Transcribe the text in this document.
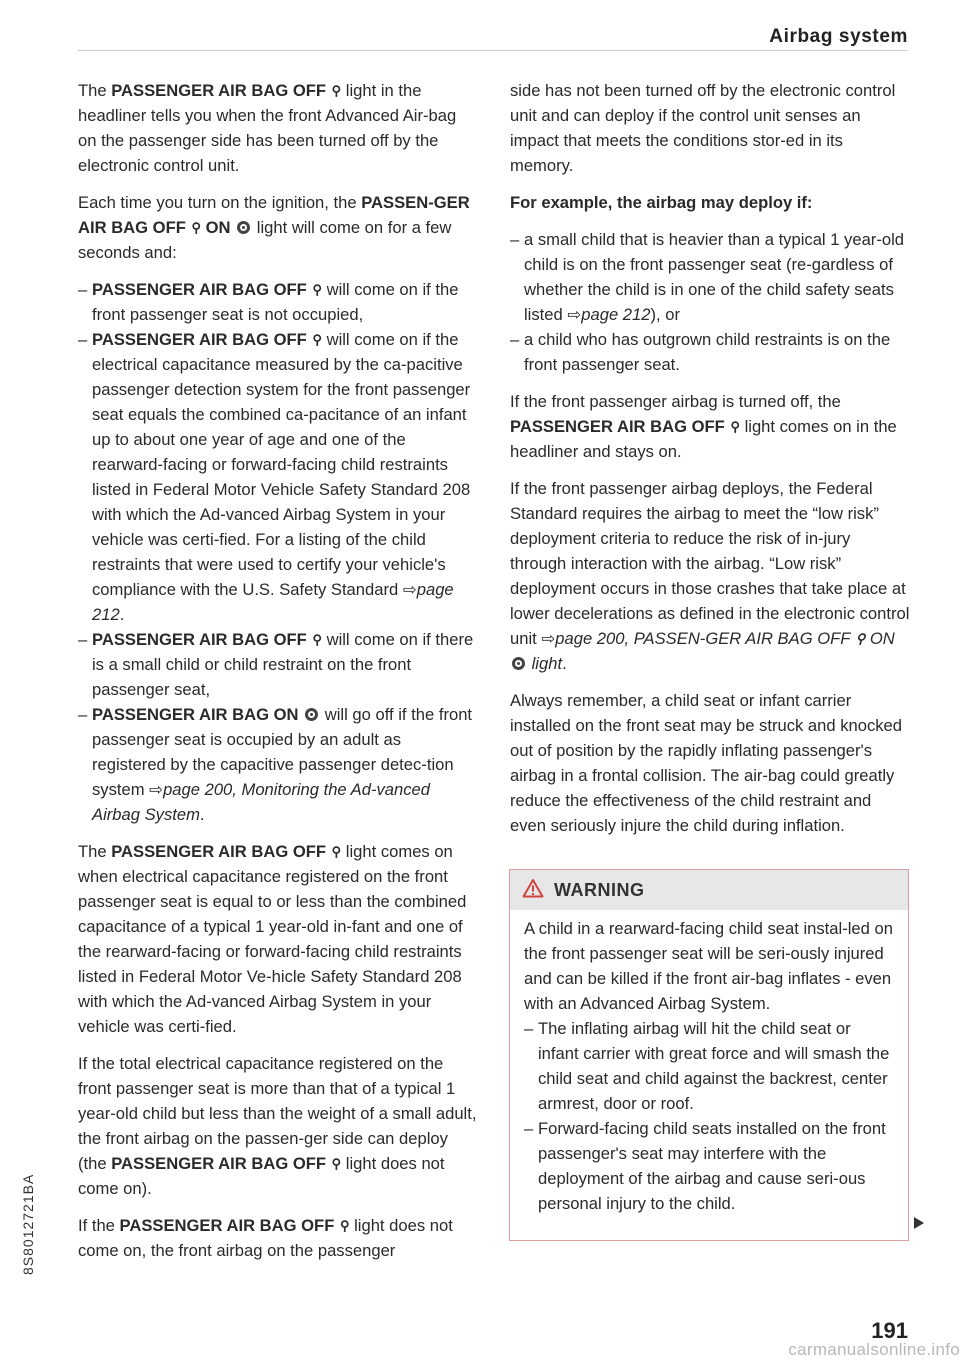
Airbag system

The PASSENGER AIR BAG OFF ⚲ light in the headliner tells you when the front Advanced Air-bag on the passenger side has been turned off by the electronic control unit.

Each time you turn on the ignition, the PASSEN-GER AIR BAG OFF ⚲ ON  light will come on for a few seconds and:

– PASSENGER AIR BAG OFF ⚲ will come on if the front passenger seat is not occupied,
– PASSENGER AIR BAG OFF ⚲ will come on if the electrical capacitance measured by the ca-pacitive passenger detection system for the front passenger seat equals the combined ca-pacitance of an infant up to about one year of age and one of the rearward-facing or forward-facing child restraints listed in Federal Motor Vehicle Safety Standard 208 with which the Ad-vanced Airbag System in your vehicle was certi-fied. For a listing of the child restraints that were used to certify your vehicle's compliance with the U.S. Safety Standard ⇨page 212.
– PASSENGER AIR BAG OFF ⚲ will come on if there is a small child or child restraint on the front passenger seat,
– PASSENGER AIR BAG ON  will go off if the front passenger seat is occupied by an adult as registered by the capacitive passenger detec-tion system ⇨page 200, Monitoring the Ad-vanced Airbag System.

The PASSENGER AIR BAG OFF ⚲ light comes on when electrical capacitance registered on the front passenger seat is equal to or less than the combined capacitance of a typical 1 year-old in-fant and one of the rearward-facing or forward-facing child restraints listed in Federal Motor Ve-hicle Safety Standard 208 with which the Ad-vanced Airbag System in your vehicle was certi-fied.

If the total electrical capacitance registered on the front passenger seat is more than that of a typical 1 year-old child but less than the weight of a small adult, the front airbag on the passen-ger side can deploy (the PASSENGER AIR BAG OFF ⚲ light does not come on).

If the PASSENGER AIR BAG OFF ⚲ light does not come on, the front airbag on the passenger

side has not been turned off by the electronic control unit and can deploy if the control unit senses an impact that meets the conditions stor-ed in its memory.

For example, the airbag may deploy if:

– a small child that is heavier than a typical 1 year-old child is on the front passenger seat (re-gardless of whether the child is in one of the child safety seats listed ⇨page 212), or
– a child who has outgrown child restraints is on the front passenger seat.

If the front passenger airbag is turned off, the PASSENGER AIR BAG OFF ⚲ light comes on in the headliner and stays on.

If the front passenger airbag deploys, the Federal Standard requires the airbag to meet the “low risk” deployment criteria to reduce the risk of in-jury through interaction with the airbag. “Low risk” deployment occurs in those crashes that take place at lower decelerations as defined in the electronic control unit ⇨page 200, PASSEN-GER AIR BAG OFF ⚲ ON  light.

Always remember, a child seat or infant carrier installed on the front seat may be struck and knocked out of position by the rapidly inflating passenger's airbag in a frontal collision. The air-bag could greatly reduce the effectiveness of the child restraint and even seriously injure the child during inflation.

WARNING
A child in a rearward-facing child seat instal-led on the front passenger seat will be seri-ously injured and can be killed if the front air-bag inflates - even with an Advanced Airbag System.
– The inflating airbag will hit the child seat or infant carrier with great force and will smash the child seat and child against the backrest, center armrest, door or roof.
– Forward-facing child seats installed on the front passenger's seat may interfere with the deployment of the airbag and cause seri-ous personal injury to the child.
8S8012721BA
191
carmanualsonline.info
